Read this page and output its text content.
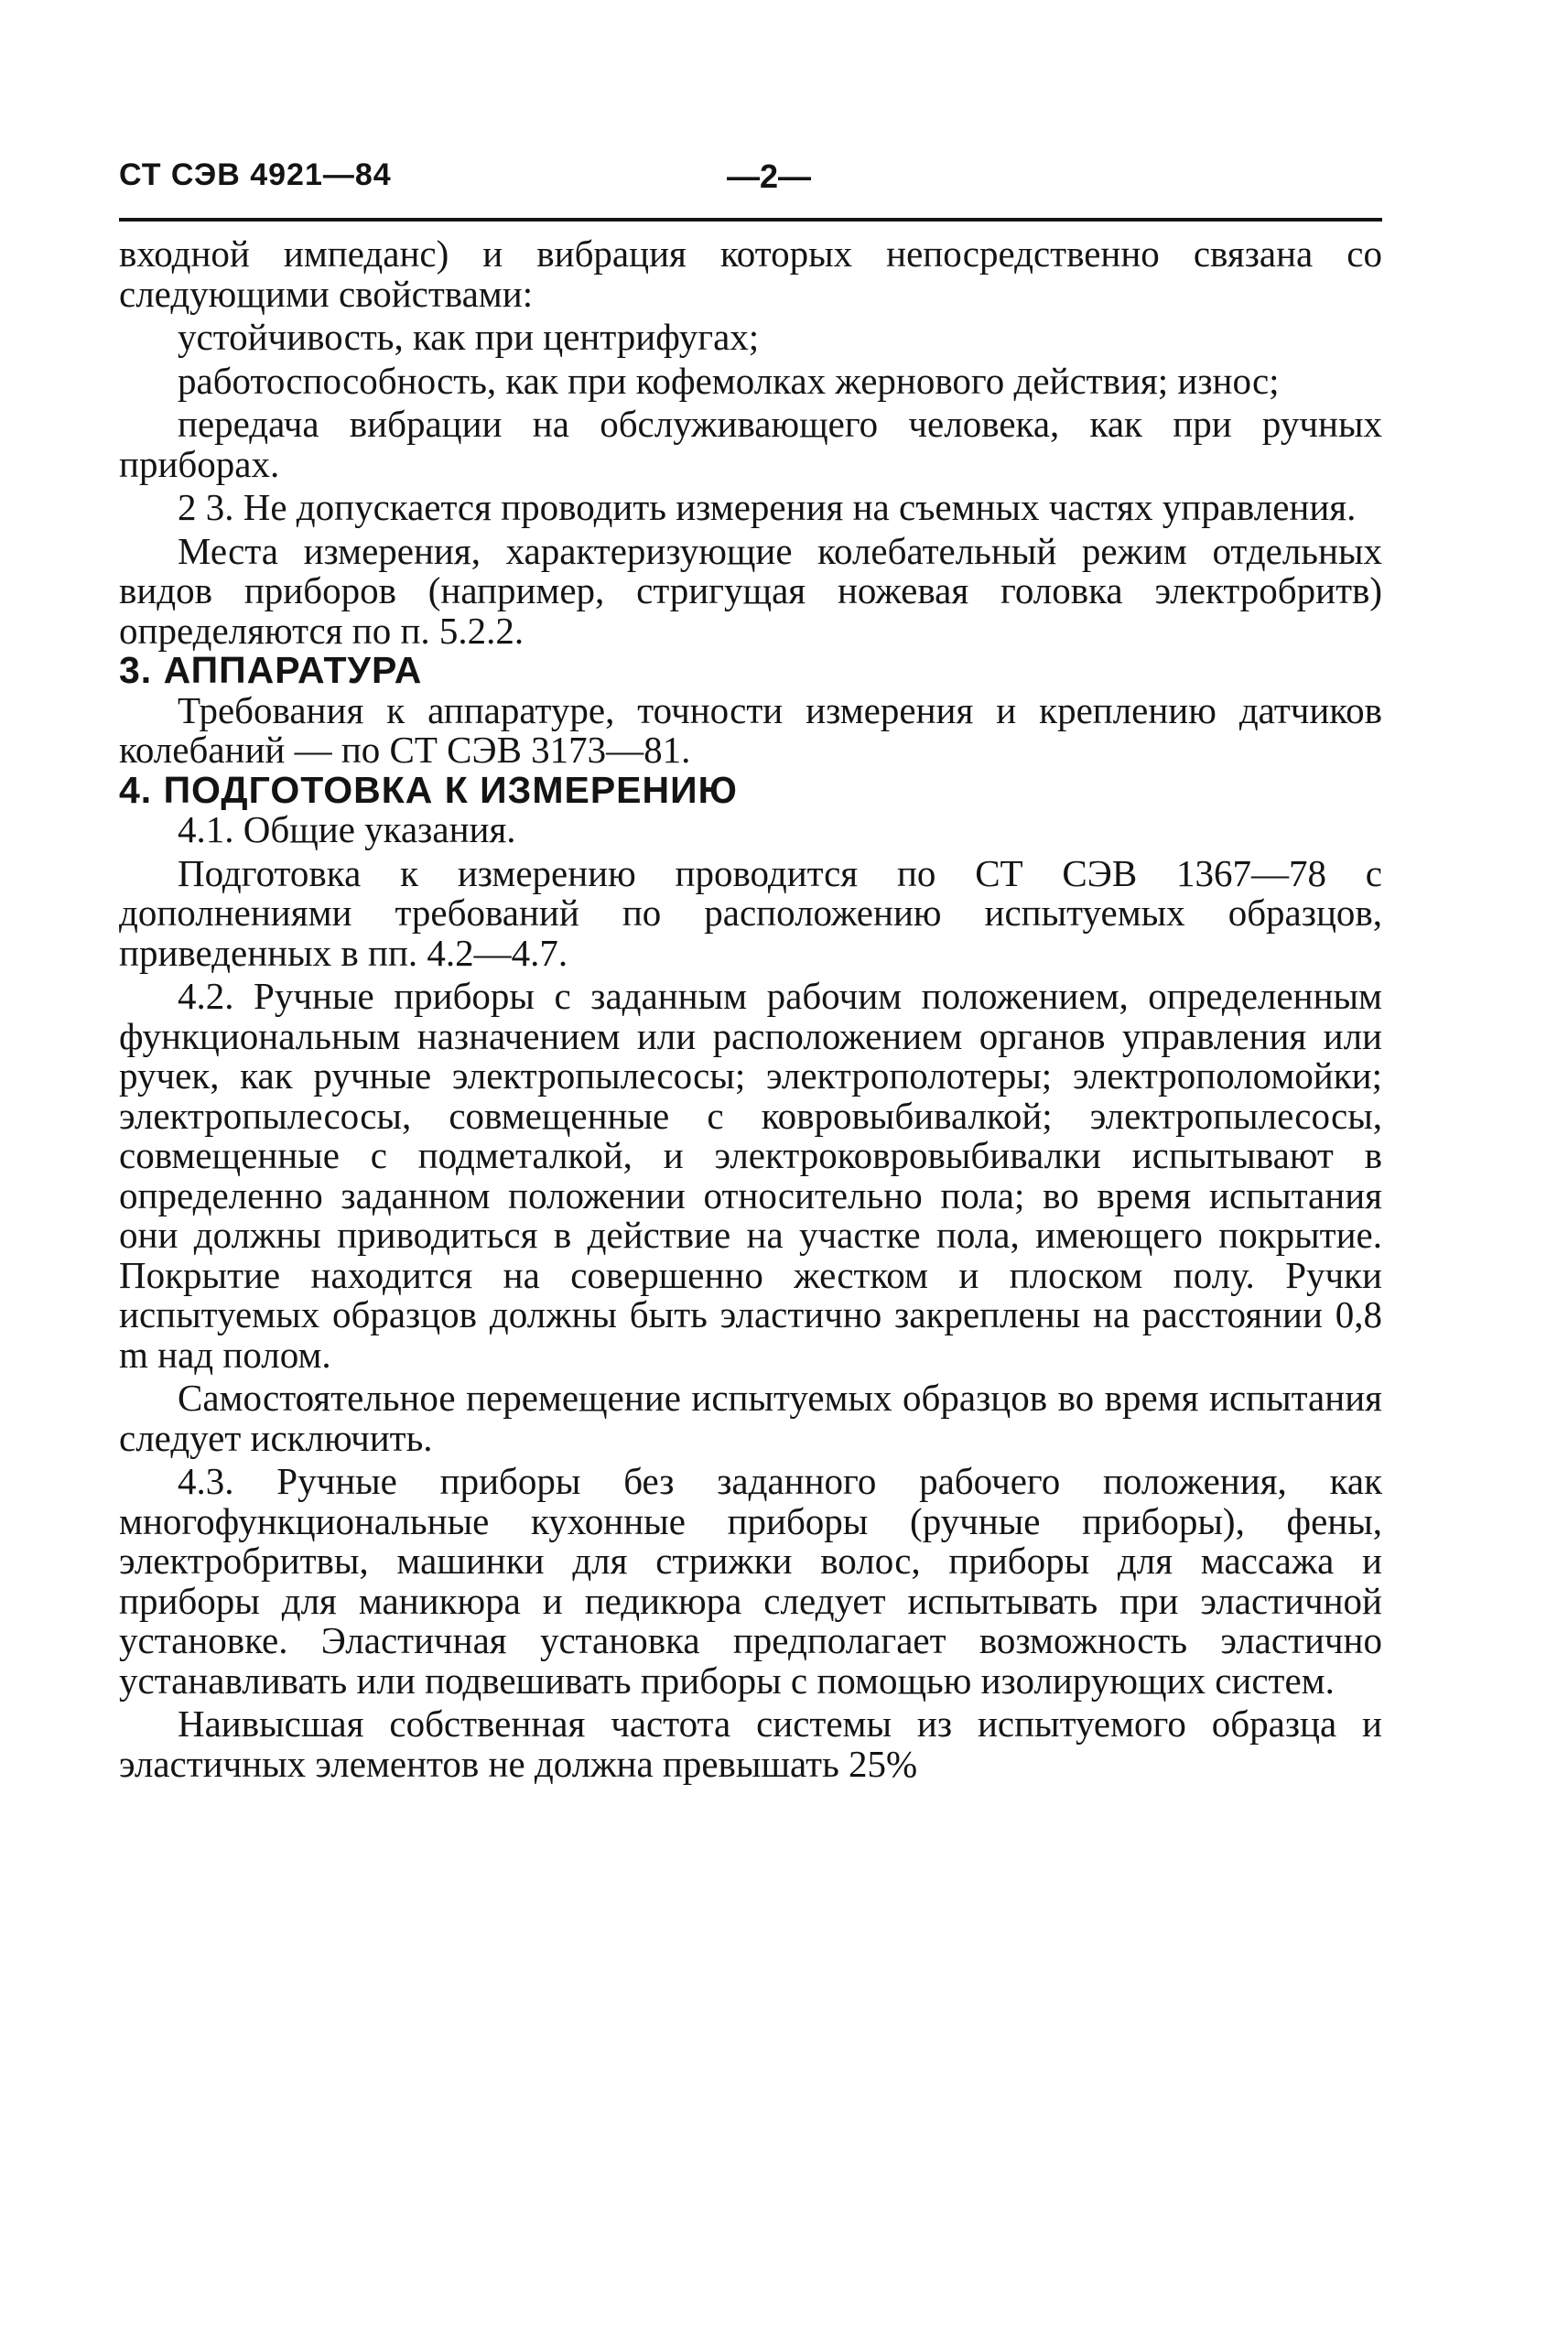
СТ СЭВ 4921—84	—2—

входной импеданс) и вибрация которых непосредственно связана со следующими свойствами:

устойчивость, как при центрифугах;

работоспособность, как при кофемолках жернового действия; износ;

передача вибрации на обслуживающего человека, как при ручных приборах.

2 3. Не допускается проводить измерения на съемных частях управления.

Места измерения, характеризующие колебательный режим отдельных видов приборов (например, стригущая ножевая головка электробритв) определяются по п. 5.2.2.

3. АППАРАТУРА

Требования к аппаратуре, точности измерения и креплению датчиков колебаний — по СТ СЭВ 3173—81.

4. ПОДГОТОВКА К ИЗМЕРЕНИЮ

4.1. Общие указания.

Подготовка к измерению проводится по СТ СЭВ 1367—78 с дополнениями требований по расположению испытуемых образцов, приведенных в пп. 4.2—4.7.

4.2. Ручные приборы с заданным рабочим положением, определенным функциональным назначением или расположением органов управления или ручек, как ручные электропылесосы; электрополотеры; электрополомойки; электропылесосы, совмещенные с ковровыбивалкой; электропылесосы, совмещенные с подметалкой, и электроковровыбивалки испытывают в определенно заданном положении относительно пола; во время испытания они должны приводиться в действие на участке пола, имеющего покрытие. Покрытие находится на совершенно жестком и плоском полу. Ручки испытуемых образцов должны быть эластично закреплены на расстоянии 0,8 m над полом.

Самостоятельное перемещение испытуемых образцов во время испытания следует исключить.

4.3. Ручные приборы без заданного рабочего положения, как многофункциональные кухонные приборы (ручные приборы), фены, электробритвы, машинки для стрижки волос, приборы для массажа и приборы для маникюра и педикюра следует испытывать при эластичной установке. Эластичная установка предполагает возможность эластично устанавливать или подвешивать приборы с помощью изолирующих систем.

Наивысшая собственная частота системы из испытуемого образца и эластичных элементов не должна превышать 25%
